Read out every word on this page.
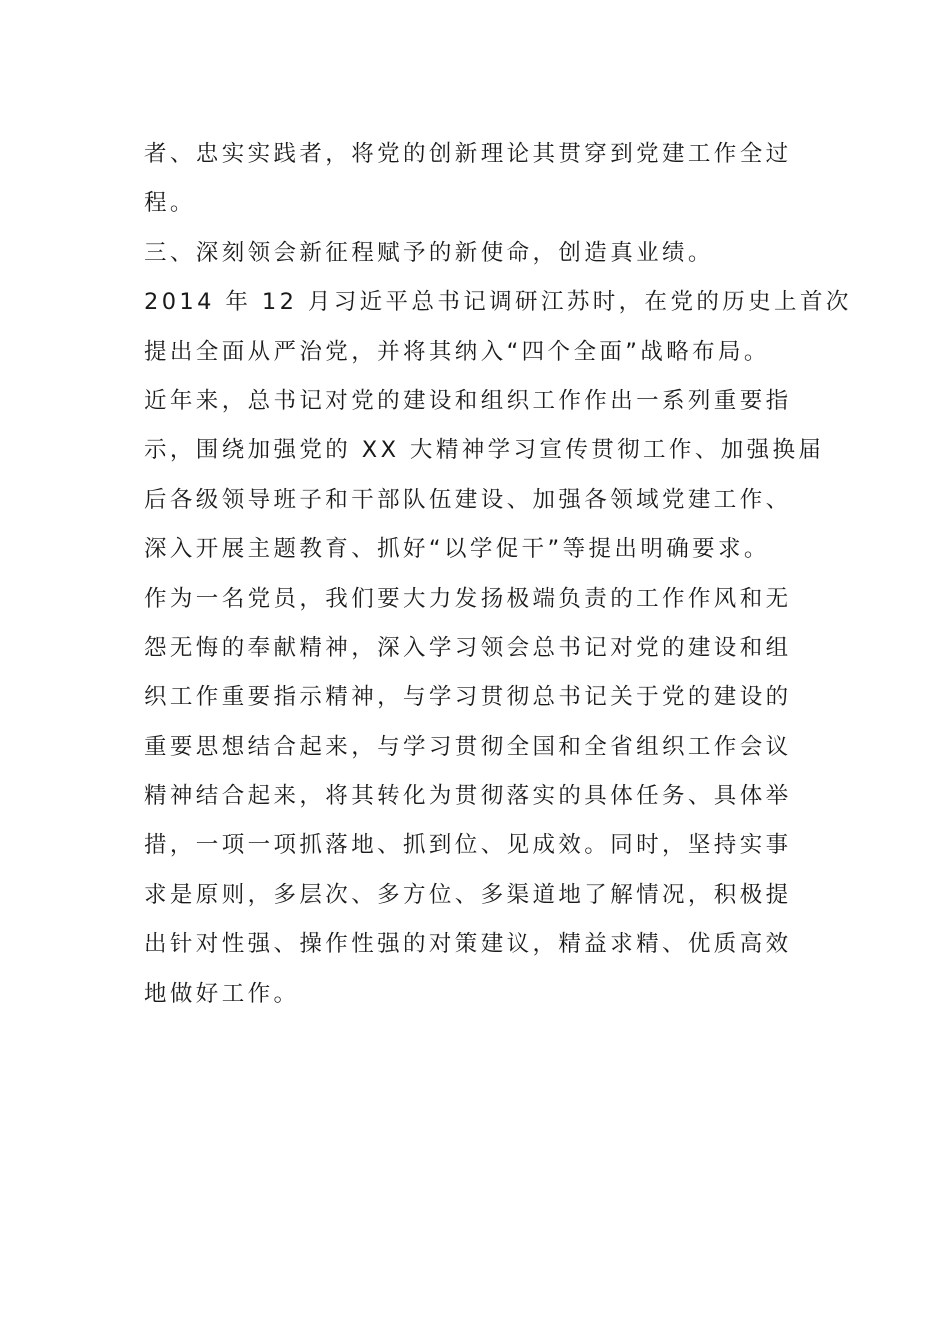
者、忠实实践者，将党的创新理论其贯穿到党建工作全过
程。
三、深刻领会新征程赋予的新使命，创造真业绩。
2014 年 12 月习近平总书记调研江苏时，在党的历史上首次
提出全面从严治党，并将其纳入“四个全面”战略布局。
近年来，总书记对党的建设和组织工作作出一系列重要指
示，围绕加强党的 XX 大精神学习宣传贯彻工作、加强换届
后各级领导班子和干部队伍建设、加强各领域党建工作、
深入开展主题教育、抓好“以学促干”等提出明确要求。
作为一名党员，我们要大力发扬极端负责的工作作风和无
怨无悔的奉献精神，深入学习领会总书记对党的建设和组
织工作重要指示精神，与学习贯彻总书记关于党的建设的
重要思想结合起来，与学习贯彻全国和全省组织工作会议
精神结合起来，将其转化为贯彻落实的具体任务、具体举
措，一项一项抓落地、抓到位、见成效。同时，坚持实事
求是原则，多层次、多方位、多渠道地了解情况，积极提
出针对性强、操作性强的对策建议，精益求精、优质高效
地做好工作。
